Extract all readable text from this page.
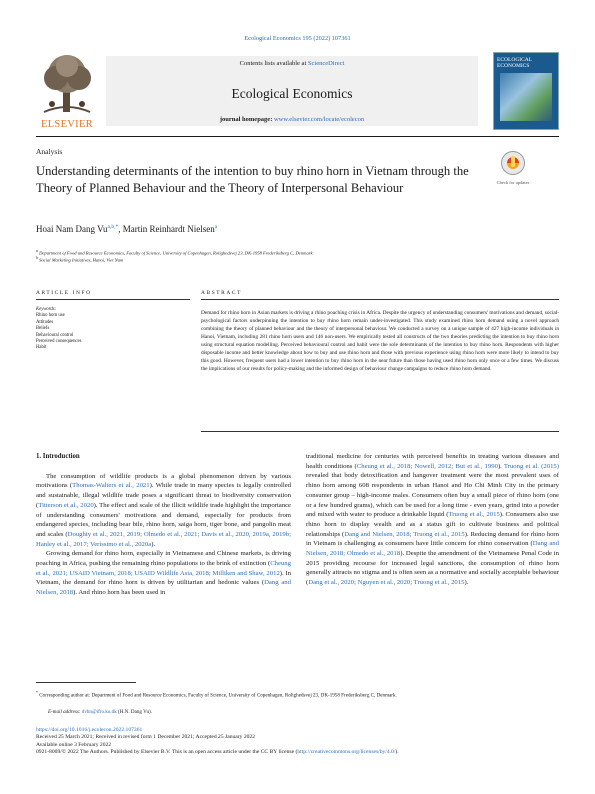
Ecological Economics 195 (2022) 107361
ELSEVIER
Contents lists available at ScienceDirect
Ecological Economics
journal homepage: www.elsevier.com/locate/ecolecon
ECOLOGICAL ECONOMICS
Analysis
Understanding determinants of the intention to buy rhino horn in Vietnam through the Theory of Planned Behaviour and the Theory of Interpersonal Behaviour	Check for updates
Hoai Nam Dang $Vu^{a,b,*}$, Martin Reinhardt Nielsen$^a$
$^a$ Department of Food and Resource Economics, Faculty of Science, University of Copenhagen, Rolighedsvej 23, DK-1958 Frederiksberg C, Denmark
$^b$ Social Marketing Initiatives, Hanoi, Viet Nam
ARTICLE INFO
Keywords:
Rhino horn use
Attitudes
Beliefs
Behavioural control
Perceived consequences
Habit
ABSTRACT
Demand for rhino horn in Asian markets is driving a rhino poaching crisis in Africa. Despite the urgency of understanding consumers' motivations and demand, social-psychological factors underpinning the intention to buy rhino horn remain under-investigated. This study examined rhino horn demand using a novel approach combining the theory of planned behaviour and the theory of interpersonal behaviour. We conducted a survey on a unique sample of 427 high-income individuals in Hanoi, Vietnam, including 281 rhino horn users and 146 non-users. We empirically tested all constructs of the two theories predicting the intention to buy rhino horn using structural equation modelling. Perceived behavioural control and habit were the sole determinants of the intention to buy rhino horn. Respondents with higher disposable income and better knowledge about how to buy and use rhino horn and those with previous experience using rhino horn were more likely to intend to buy this good. However, frequent users had a lower intention to buy rhino horn in the near future than those having used rhino horn only once or a few times. We discuss the implications of our results for policy-making and the informed design of behaviour change campaigns to reduce rhino horn demand.
1. Introduction

The consumption of wildlife products is a global phenomenon driven by various motivations (Thomas-Walters et al., 2021). While trade in many species is legally controlled and sustainable, illegal wildlife trade poses a significant threat to biodiversity conservation (Titterson et al., 2020). The effect and scale of the illicit wildlife trade highlight the importance of understanding consumers' motivations and demand, especially for products from endangered species, including bear bile, rhino horn, saiga horn, tiger bone, and pangolin meat and scales (Doughty et al., 2021, 2019; Olmedo et al., 2021; Davis et al., 2020, 2019a, 2019b; Hanley et al., 2017; Veríssimo et al., 2020a).

Growing demand for rhino horn, especially in Vietnamese and Chinese markets, is driving poaching in Africa, pushing the remaining rhino populations to the brink of extinction (Cheung et al., 2021; USAID Vietnam, 2018; USAID Wildlife Asia, 2018; Milliken and Shaw, 2012). In Vietnam, the demand for rhino horn is driven by utilitarian and hedonic values (Dang and Nielsen, 2018). And rhino horn has been used in

traditional medicine for centuries with perceived benefits in treating various diseases and health conditions (Cheung et al., 2018; Nowell, 2012; But et al., 1990). Truong et al. (2015) revealed that body detoxification and hangover treatment were the most prevalent uses of rhino horn among 608 respondents in urban Hanoi and Ho Chi Minh City in the primary consumer group – high-income males. Consumers often buy a small piece of rhino horn (one or a few hundred grams), which can be used for a long time - even years, grind into a powder and mixed with water to produce a drinkable liquid (Truong et al., 2015). Consumers also use rhino horn to display wealth and as a status gift to cultivate business and political relationships (Dang and Nielsen, 2018; Truong et al., 2015). Reducing demand for rhino horn in Vietnam is challenging as consumers have little concern for rhino conservation (Dang and Nielsen, 2018; Olmedo et al., 2018). Despite the amendment of the Vietnamese Penal Code in 2015 providing recourse for increased legal sanctions, the consumption of rhino horn generally attracts no stigma and is often seen as a normative and socially acceptable behaviour (Dang et al., 2020; Nguyen et al., 2020; Truong et al., 2015).

* Corresponding author at: Department of Food and Resource Economics, Faculty of Science, University of Copenhagen, Rolighedsvej 23, DK-1958 Frederiksberg C, Denmark.
E-mail address: dvhn@ifro.ku.dk (H.N. Dang Vu).
https://doi.org/10.1016/j.ecolecon.2022.107361
Received 25 March 2021; Received in revised form 1 December 2021; Accepted 25 January 2022
Available online 3 February 2022
0921-8009/© 2022 The Authors. Published by Elsevier B.V. This is an open access article under the CC BY license (http://creativecommons.org/licenses/by/4.0/).
